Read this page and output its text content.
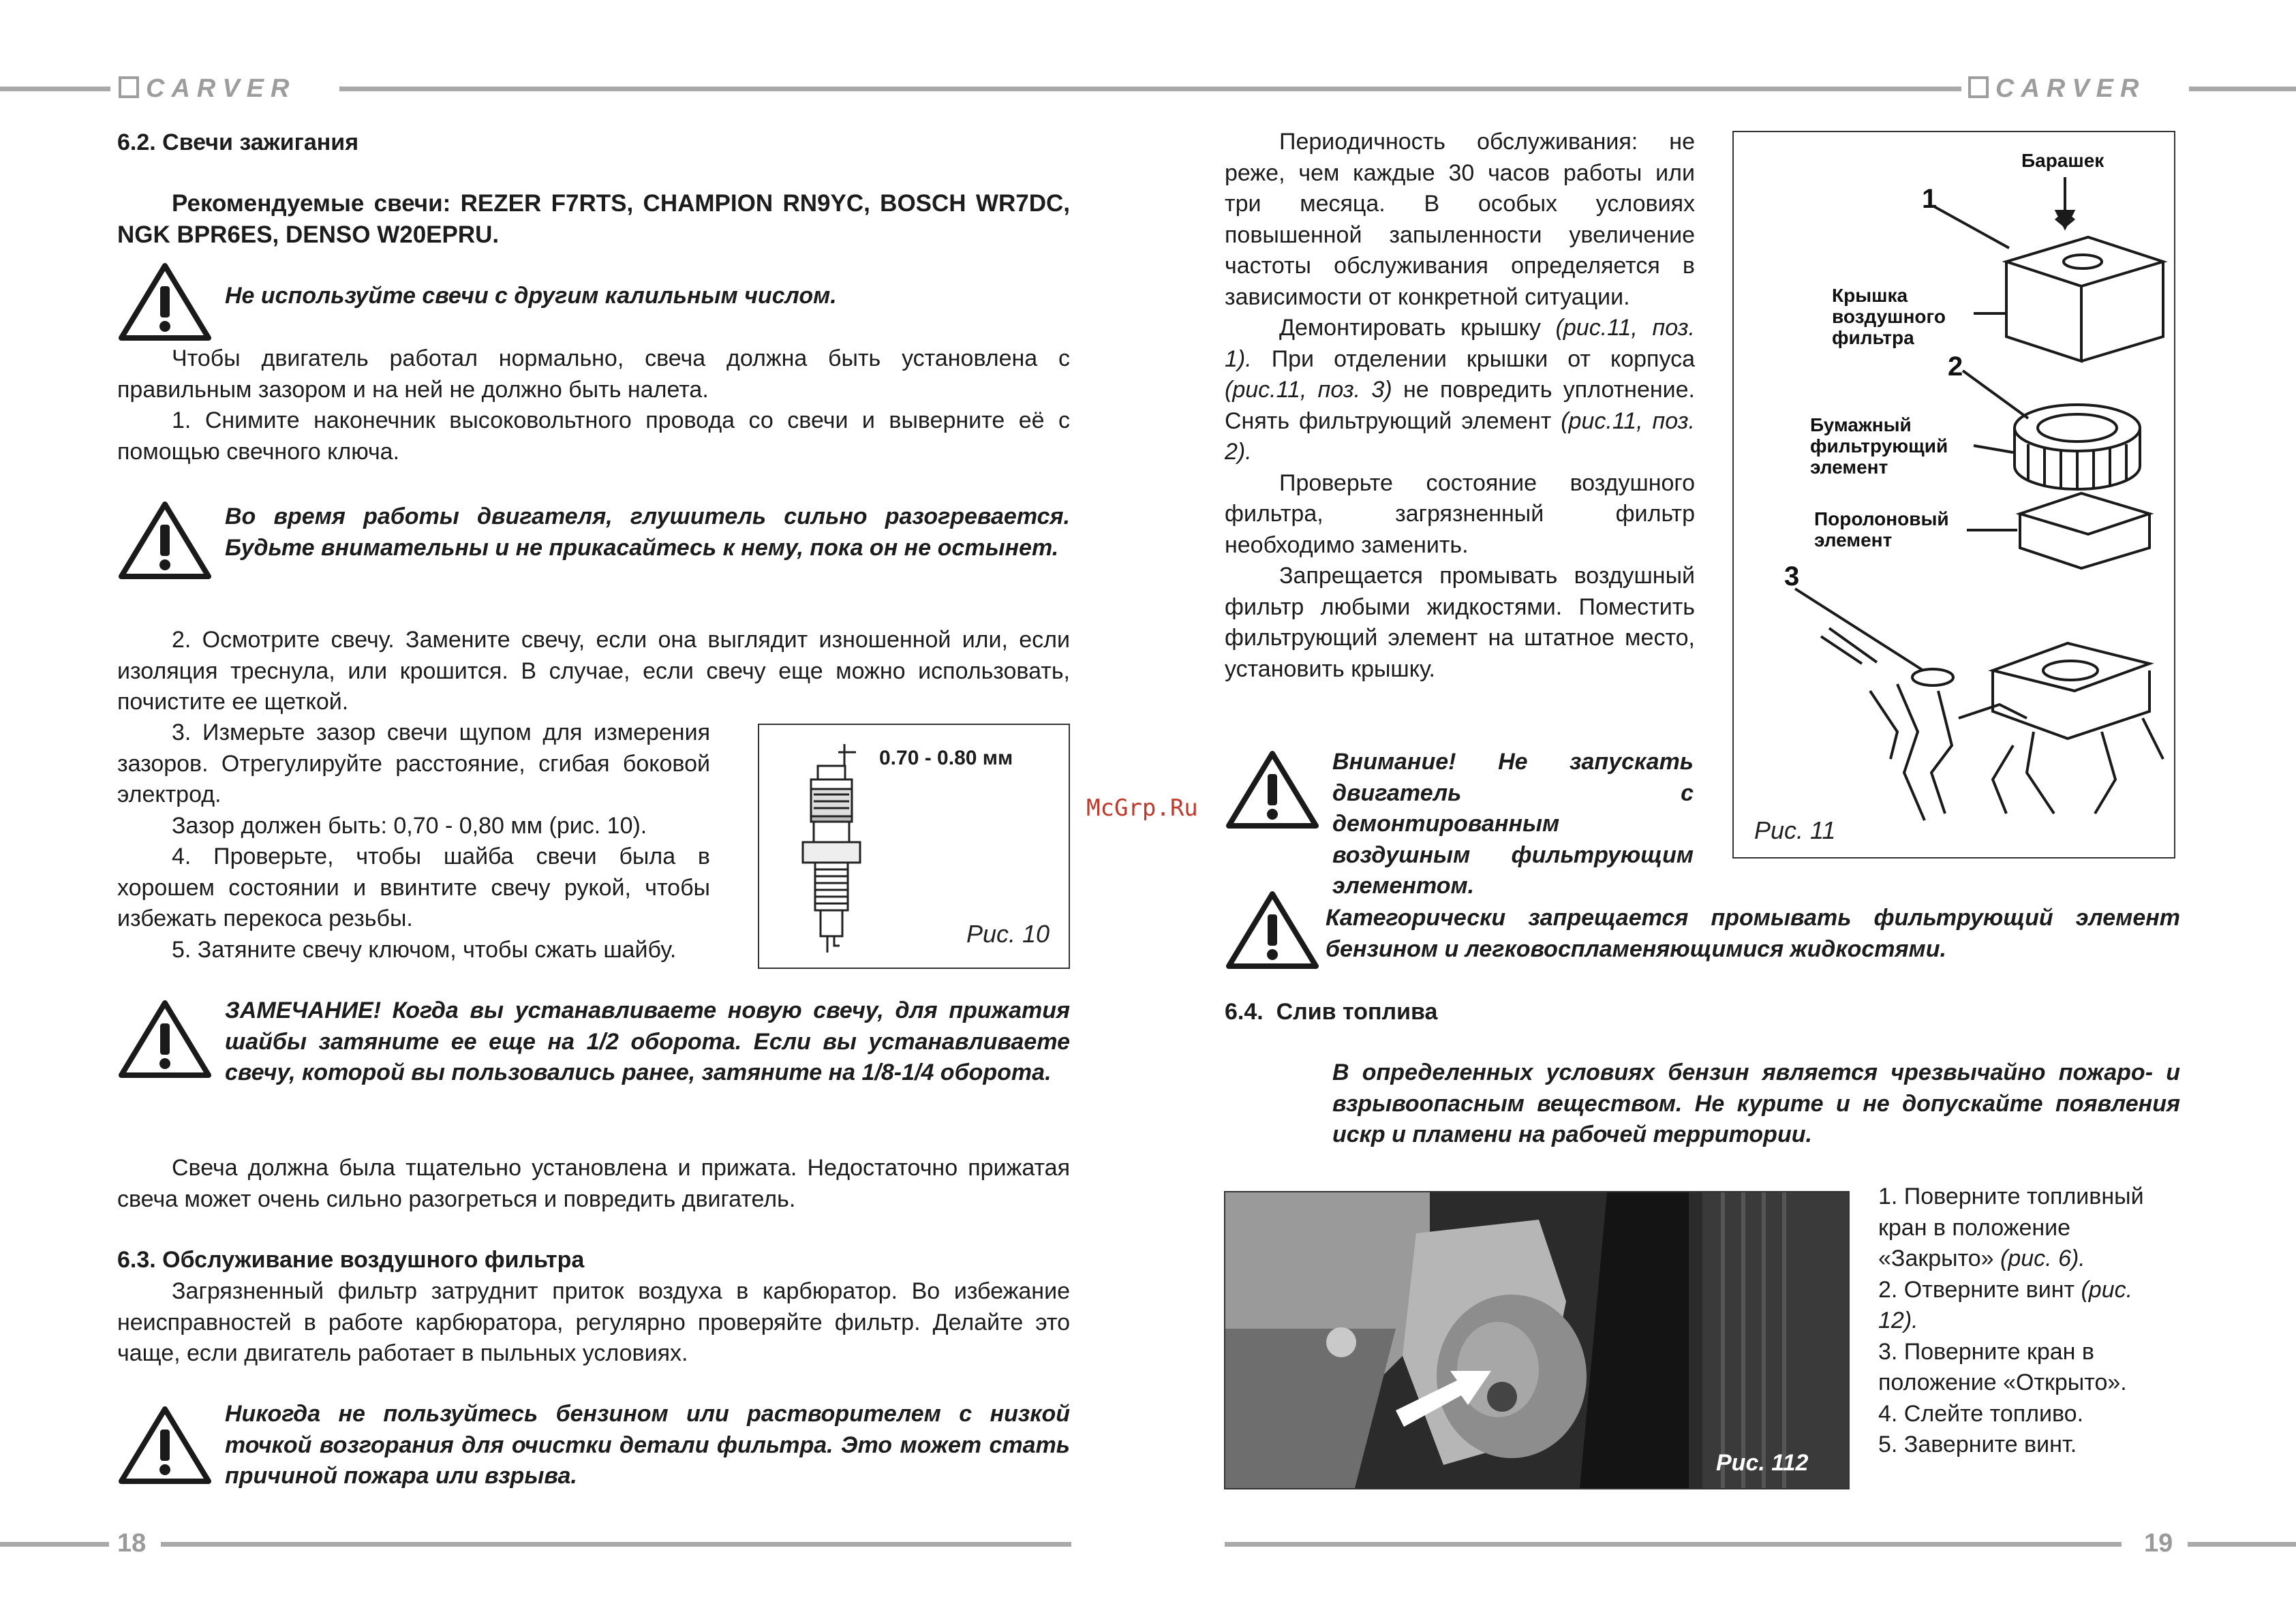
CARVER	CARVER
6.2. Свечи зажигания
Рекомендуемые свечи: REZER F7RTS, CHAMPION RN9YC, BOSCH WR7DC, NGK BPR6ES, DENSO W20EPRU.
Не используйте свечи с другим калильным числом.

Чтобы двигатель работал нормально, свеча должна быть установлена с правильным зазором и на ней не должно быть налета.

1. Снимите наконечник высоковольтного провода со свечи и выверните её с помощью свечного ключа.

Во время работы двигателя, глушитель сильно разогревается. Будьте внимательны и не прикасайтесь к нему, пока он не остынет.

2. Осмотрите свечу. Замените свечу, если она выглядит изношенной или, если изоляция треснула, или крошится. В случае, если свечу еще можно использовать, почистите ее щеткой.

3. Измерьте зазор свечи щупом для измерения зазоров. Отрегулируйте расстояние, сгибая боковой электрод.

Зазор должен быть: 0,70 - 0,80 мм (рис. 10).

4. Проверьте, чтобы шайба свечи была в хорошем состоянии и ввинтите свечу рукой, чтобы избежать перекоса резьбы.

5. Затяните свечу ключом, чтобы сжать шайбу.

0.70 - 0.80 мм
Рис. 10
ЗАМЕЧАНИЕ! Когда вы устанавливаете новую свечу, для прижатия шайбы затяните ее еще на 1/2 оборота. Если вы устанавливаете свечу, которой вы пользовались ранее, затяните на 1/8-1/4 оборота.

Свеча должна была тщательно установлена и прижата. Недостаточно прижатая свеча может очень сильно разогреться и повредить двигатель.

6.3. Обслуживание воздушного фильтра

Загрязненный фильтр затруднит приток воздуха в карбюратор. Во избежание неисправностей в работе карбюратора, регулярно проверяйте фильтр. Делайте это чаще, если двигатель работает в пыльных условиях.

Никогда не пользуйтесь бензином или растворителем с низкой точкой возгорания для очистки детали фильтра. Это может стать причиной пожара или взрыва.
18

Периодичность обслуживания: не реже, чем каждые 30 часов работы или три месяца. В особых условиях повышенной запыленности увеличение частоты обслуживания определяется в зависимости от конкретной ситуации.

Демонтировать крышку (рис.11, поз. 1). При отделении крышки от корпуса (рис.11, поз. 3) не повредить уплотнение. Снять фильтрующий элемент (рис.11, поз. 2).

Проверьте состояние воздушного фильтра, загрязненный фильтр необходимо заменить.

Запрещается промывать воздушный фильтр любыми жидкостями. Поместить фильтрующий элемент на штатное место, установить крышку.

McGrp.Ru
Внимание! Не запускать двигатель с демонтированным воздушным фильтрующим элементом.
Барашек
1
Крышка воздушного фильтра
2
Бумажный фильтрующий элемент
Поролоновый элемент
3
Рис. 11
Категорически запрещается промывать фильтрующий элемент бензином и легковоспламеняющимися жидкостями.
6.4.  Слив топлива
В определенных условиях бензин является чрезвычайно пожаро- и взрывоопасным веществом. Не курите и не допускайте появления искр и пламени на рабочей территории.
Рис. 112

1. Поверните топливный кран в положение «Закрыто» (рис. 6).

2. Отверните винт (рис. 12).

3. Поверните кран в положение «Открыто».

4. Слейте топливо.

5. Заверните винт.

19
